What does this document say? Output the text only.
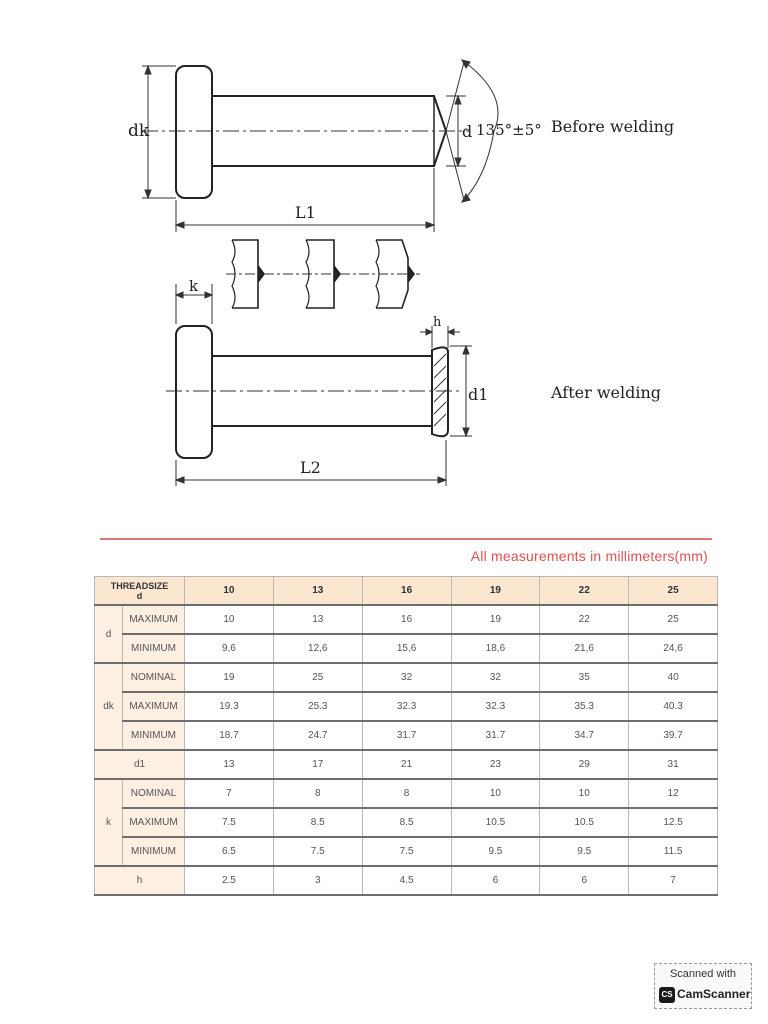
dk	d 135°±5° Before welding
L1
k
h
d1	After welding
L2
All measurements in millimeters(mm)
THREADSIZE
d		10	13	16	19	22	25
d	MAXIMUM	10	13	16	19	22	25
	MINIMUM	9,6	12,6	15,6	18,6	21,6	24,6
dk	NOMINAL	19	25	32	32	35	40
	MAXIMUM	19.3	25.3	32.3	32.3	35.3	40.3
	MINIMUM	18.7	24.7	31.7	31.7	34.7	39.7
d1		13	17	21	23	29	31
k	NOMINAL	7	8	8	10	10	12
	MAXIMUM	7.5	8.5	8.5	10.5	10.5	12.5
	MINIMUM	6.5	7.5	7.5	9.5	9.5	11.5
h		2.5	3	4.5	6	6	7
Scanned with
CS CamScanner
